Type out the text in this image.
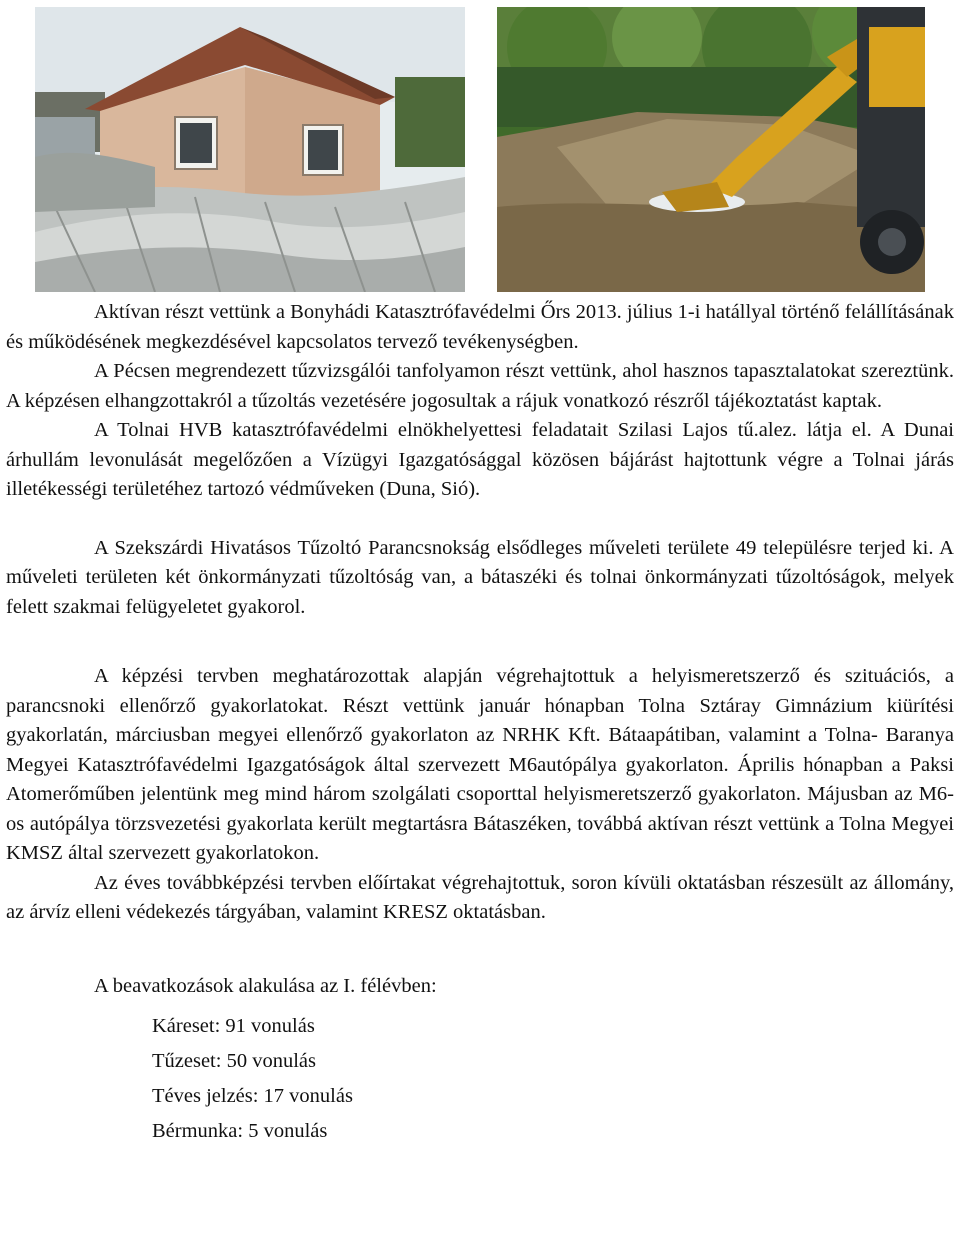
Aktívan részt vettünk a Bonyhádi Katasztrófavédelmi Őrs 2013. július 1-i hatállyal történő felállításának és működésének megkezdésével kapcsolatos tervező tevékenységben.

A Pécsen megrendezett tűzvizsgálói tanfolyamon részt vettünk, ahol hasznos tapasztalatokat szereztünk. A képzésen elhangzottakról a tűzoltás vezetésére jogosultak a rájuk vonatkozó részről tájékoztatást kaptak.

A Tolnai HVB katasztrófavédelmi elnökhelyettesi feladatait Szilasi Lajos tű.alez. látja el. A Dunai árhullám levonulását megelőzően a Vízügyi Igazgatósággal közösen bájárást hajtottunk végre a Tolnai járás illetékességi területéhez tartozó védműveken (Duna, Sió).

A Szekszárdi Hivatásos Tűzoltó Parancsnokság elsődleges műveleti területe 49 településre terjed ki. A műveleti területen két önkormányzati tűzoltóság van, a bátaszéki és tolnai önkormányzati tűzoltóságok, melyek felett szakmai felügyeletet gyakorol.

A képzési tervben meghatározottak alapján végrehajtottuk a helyismeretszerző és szituációs, a parancsnoki ellenőrző gyakorlatokat. Részt vettünk január hónapban Tolna Sztáray Gimnázium kiürítési gyakorlatán, márciusban megyei ellenőrző gyakorlaton az NRHK Kft. Bátaapátiban, valamint a Tolna- Baranya Megyei Katasztrófavédelmi Igazgatóságok által szervezett M6autópálya gyakorlaton. Április hónapban a Paksi Atomerőműben jelentünk meg mind három szolgálati csoporttal helyismeretszerző gyakorlaton. Májusban az M6-os autópálya törzsvezetési gyakorlata került megtartásra Bátaszéken, továbbá aktívan részt vettünk a Tolna Megyei KMSZ által szervezett gyakorlatokon.

Az éves továbbképzési tervben előírtakat végrehajtottuk, soron kívüli oktatásban részesült az állomány, az árvíz elleni védekezés tárgyában, valamint KRESZ oktatásban.

A beavatkozások alakulása az I. félévben:

Káreset: 91 vonulás
Tűzeset: 50 vonulás
Téves jelzés: 17 vonulás
Bérmunka: 5 vonulás
